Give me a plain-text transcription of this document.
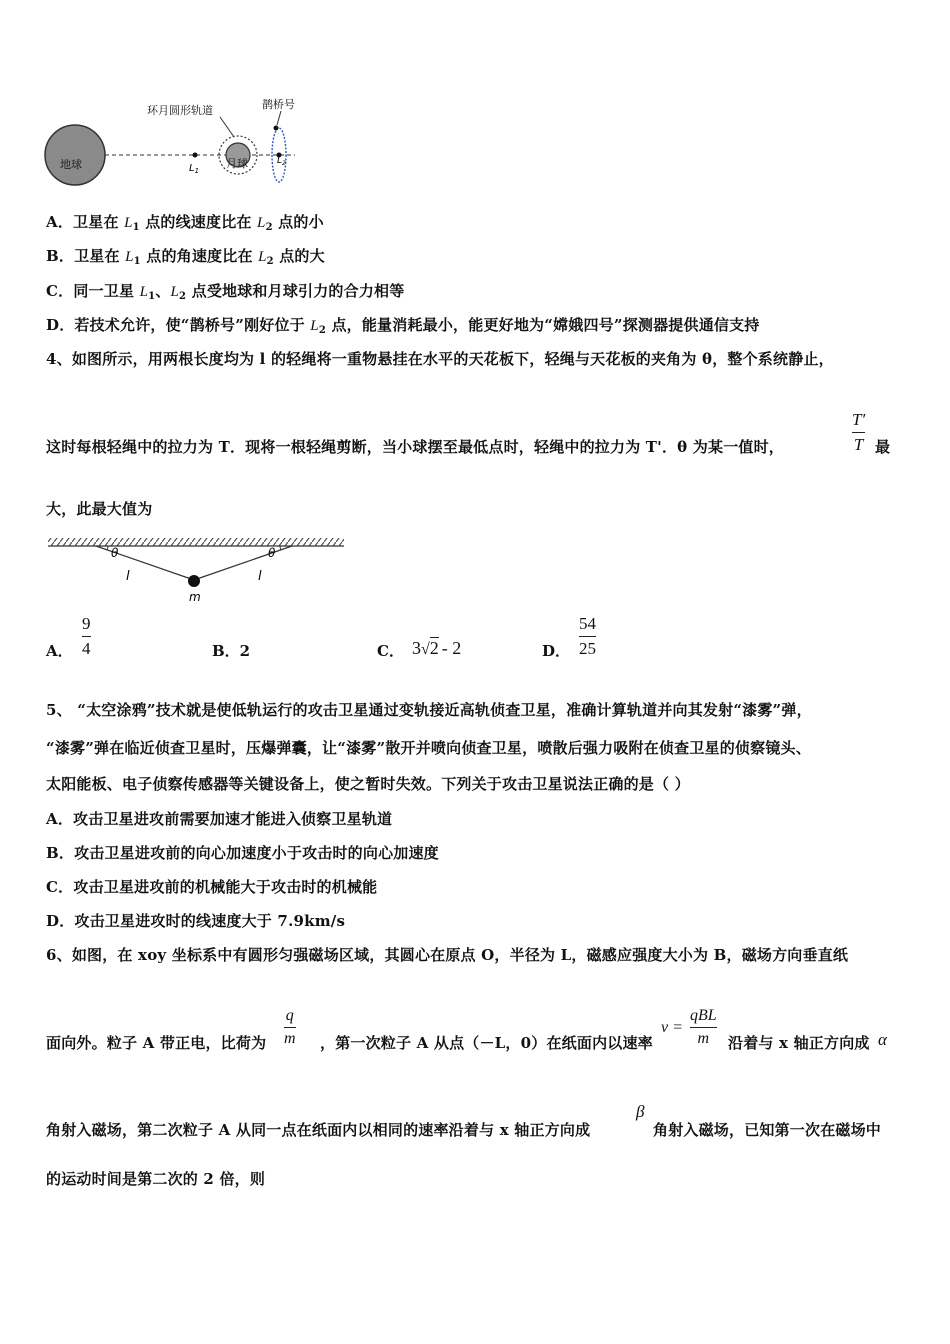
地球	$L_1$
月球
环月圆形轨道
$L_2$
鹊桥号
A．卫星在 $L_1$ 点的线速度比在 $L_2$ 点的小
B．卫星在 $L_1$ 点的角速度比在 $L_2$ 点的大
C．同一卫星 $L_1$、$L_2$ 点受地球和月球引力的合力相等
D．若技术允许，使“鹊桥号”刚好位于 $L_2$ 点，能量消耗最小，能更好地为“嫦娥四号”探测器提供通信支持
4、如图所示，用两根长度均为 l 的轻绳将一重物悬挂在水平的天花板下，轻绳与天花板的夹角为 θ，整个系统静止，
这时每根轻绳中的拉力为 T．现将一根轻绳剪断，当小球摆至最低点时，轻绳中的拉力为 T'．θ 为某一值时，
T′
T 最
大，此最大值为
θ	θ
l	l
m
A．
9
4	B．2	C． 3√2 - 2	D．
54
25
5、 “太空涂鸦”技术就是使低轨运行的攻击卫星通过变轨接近高轨侦查卫星，准确计算轨道并向其发射“漆雾”弹，
“漆雾”弹在临近侦查卫星时，压爆弹囊，让“漆雾”散开并喷向侦查卫星，喷散后强力吸附在侦查卫星的侦察镜头、
太阳能板、电子侦察传感器等关键设备上，使之暂时失效。下列关于攻击卫星说法正确的是（ ）
A．攻击卫星进攻前需要加速才能进入侦察卫星轨道
B．攻击卫星进攻前的向心加速度小于攻击时的向心加速度
C．攻击卫星进攻前的机械能大于攻击时的机械能
D．攻击卫星进攻时的线速度大于 7.9km/s
6、如图，在 xoy 坐标系中有圆形匀强磁场区域，其圆心在原点 O，半径为 L，磁感应强度大小为 B，磁场方向垂直纸
面向外。粒子 A 带正电，比荷为
q
m ，第一次粒子 A 从点（－L，0）在纸面内以速率
v =
qBL
m 沿着与 x 轴正方向成 α
角射入磁场，第二次粒子 A 从同一点在纸面内以相同的速率沿着与 x 轴正方向成
β
角射入磁场，已知第一次在磁场中
的运动时间是第二次的 2 倍，则
